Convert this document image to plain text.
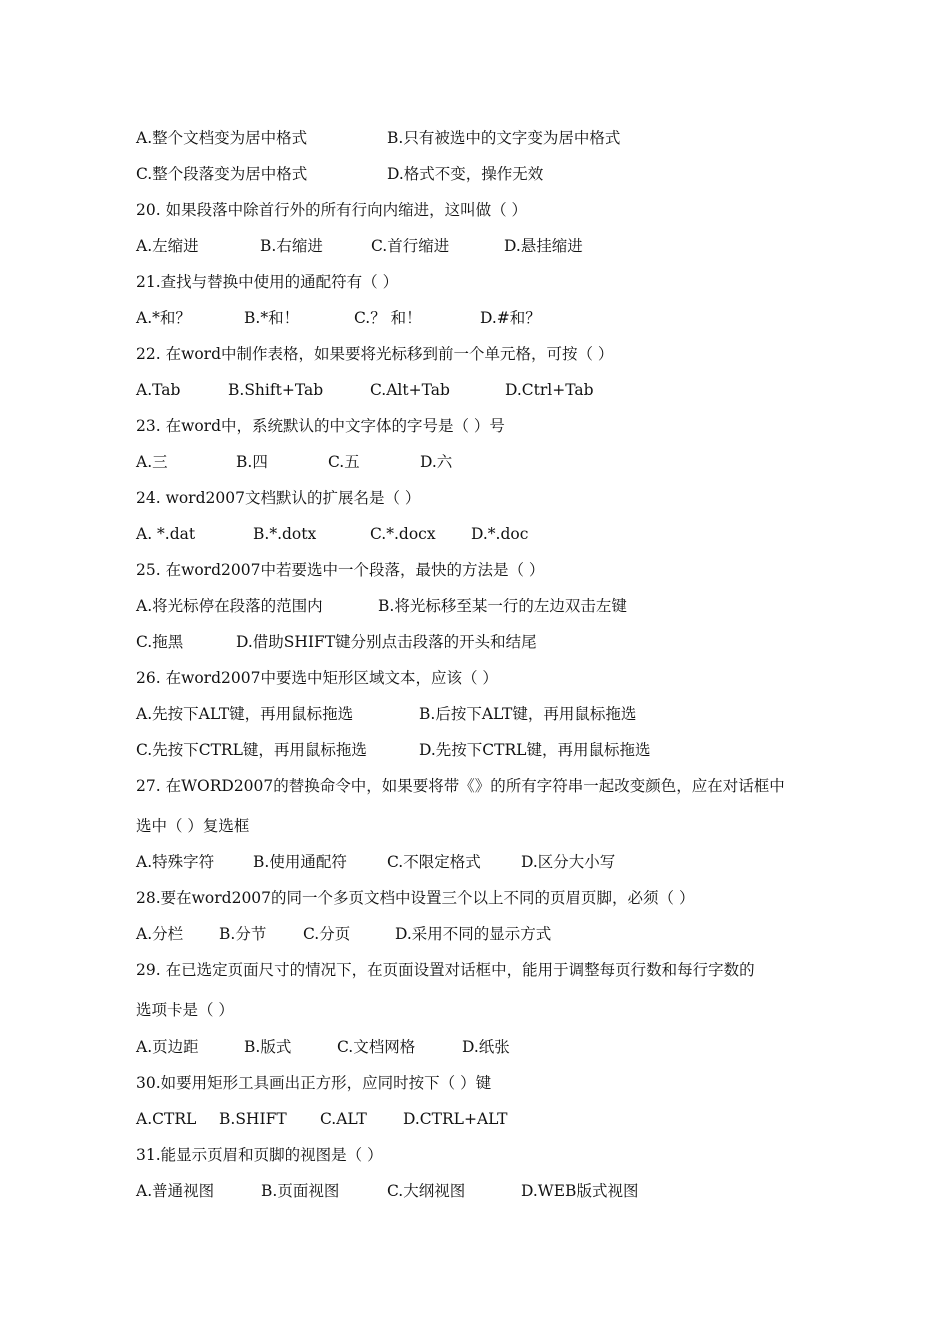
A.整个文档变为居中格式	B.只有被选中的文字变为居中格式
C.整个段落变为居中格式	D.格式不变，操作无效
20. 如果段落中除首行外的所有行向内缩进，这叫做（ ）
A.左缩进	B.右缩进	C.首行缩进	D.悬挂缩进
21.查找与替换中使用的通配符有（ ）
A.*和？	B.*和！	C.？ 和！	D.#和？
22. 在word中制作表格，如果要将光标移到前一个单元格，可按（ ）
A.Tab	B.Shift+Tab	C.Alt+Tab	D.Ctrl+Tab
23. 在word中，系统默认的中文字体的字号是（ ）号
A.三	B.四	C.五	D.六
24. word2007文档默认的扩展名是（ ）
A. *.dat	B.*.dotx	C.*.docx D.*.doc
25. 在word2007中若要选中一个段落，最快的方法是（ ）
A.将光标停在段落的范围内	B.将光标移至某一行的左边双击左键
C.拖黑	D.借助SHIFT键分别点击段落的开头和结尾
26. 在word2007中要选中矩形区域文本，应该（ ）
A.先按下ALT键，再用鼠标拖选	B.后按下ALT键，再用鼠标拖选
C.先按下CTRL键，再用鼠标拖选	D.先按下CTRL键，再用鼠标拖选
27. 在WORD2007的替换命令中，如果要将带《》的所有字符串一起改变颜色，应在对话框中
选中（ ）复选框
A.特殊字符	B.使用通配符	C.不限定格式	D.区分大小写
28.要在word2007的同一个多页文档中设置三个以上不同的页眉页脚，必须（ ）
A.分栏 B.分节 C.分页	D.采用不同的显示方式
29. 在已选定页面尺寸的情况下，在页面设置对话框中，能用于调整每页行数和每行字数的
选项卡是（ ）
A.页边距	B.版式	C.文档网格	D.纸张
30.如要用矩形工具画出正方形，应同时按下（ ）键
A.CTRL B.SHIFT C.ALT D.CTRL+ALT
31.能显示页眉和页脚的视图是（ ）
A.普通视图	B.页面视图	C.大纲视图	D.WEB版式视图
